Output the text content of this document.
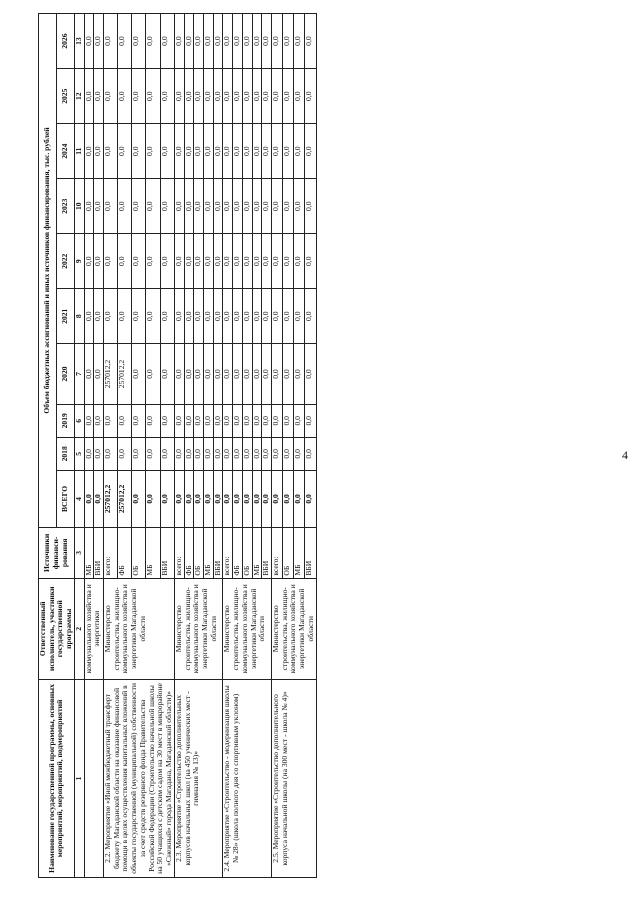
4
Наименование государственной программы, основных мероприятий, мероприятий, подмероприятий	Ответственный исполнитель, участники государственной программы	Источники финанси-рования	Объем бюджетных ассигнований и иных источников финансирования, тыс. рублей									
			ВСЕГО	2018	2019	2020	2021	2022	2023	2024	2025	2026
1	2	3	4	5	6	7	8	9	10	11	12	13
	коммунального хозяйства и энергетики	МБ	0,0	0,0	0,0	0,0	0,0	0,0	0,0	0,0	0,0	0,0
		ВБИ	0,0	0,0	0,0	0,0	0,0	0,0	0,0	0,0	0,0	0,0
2.2. Мероприятие «Иной межбюджетный трансферт бюджету Магаданской области на оказание финансовой помощи в целях осуществления капитальных вложений в объекты государственной (муниципальной) собственности за счет средств резервного фонда Правительства Российской Федерации (Строительство начальной школы на 50 учащихся с детским садом на 30 мест в микрорайоне «Снежный» города Магадана, Магаданской области)»	Министерство строительства, жилищно-коммунального хозяйства и энергетики Магаданской области	всего:	257012,2	0,0	0,0	257012,2	0,0	0,0	0,0	0,0	0,0	0,0
		ФБ	257012,2	0,0	0,0	257012,2	0,0	0,0	0,0	0,0	0,0	0,0
		ОБ	0,0	0,0	0,0	0,0	0,0	0,0	0,0	0,0	0,0	0,0
		МБ	0,0	0,0	0,0	0,0	0,0	0,0	0,0	0,0	0,0	0,0
		ВБИ	0,0	0,0	0,0	0,0	0,0	0,0	0,0	0,0	0,0	0,0
2.3. Мероприятие «Строительство дополнительных корпусов начальных школ (на 450 ученических мест - гимназия № 13)»	Министерство строительства, жилищно-коммунального хозяйства и энергетики Магаданской области	всего:	0,0	0,0	0,0	0,0	0,0	0,0	0,0	0,0	0,0	0,0
		ФБ	0,0	0,0	0,0	0,0	0,0	0,0	0,0	0,0	0,0	0,0
		ОБ	0,0	0,0	0,0	0,0	0,0	0,0	0,0	0,0	0,0	0,0
		МБ	0,0	0,0	0,0	0,0	0,0	0,0	0,0	0,0	0,0	0,0
		ВБИ	0,0	0,0	0,0	0,0	0,0	0,0	0,0	0,0	0,0	0,0
2.4. Мероприятие «Строительство - модернизация школы № 28» (школа полного дня со спортивным уклоном)	Министерство строительства, жилищно-коммунального хозяйства и энергетики Магаданской области	всего:	0,0	0,0	0,0	0,0	0,0	0,0	0,0	0,0	0,0	0,0
		ФБ	0,0	0,0	0,0	0,0	0,0	0,0	0,0	0,0	0,0	0,0
		ОБ	0,0	0,0	0,0	0,0	0,0	0,0	0,0	0,0	0,0	0,0
		МБ	0,0	0,0	0,0	0,0	0,0	0,0	0,0	0,0	0,0	0,0
		ВБИ	0,0	0,0	0,0	0,0	0,0	0,0	0,0	0,0	0,0	0,0
2.5. Мероприятие «Строительство дополнительного корпуса начальной школы (на 300 мест - школа № 4)»	Министерство строительства, жилищно-коммунального хозяйства и энергетики Магаданской области	всего:	0,0	0,0	0,0	0,0	0,0	0,0	0,0	0,0	0,0	0,0
		ОБ	0,0	0,0	0,0	0,0	0,0	0,0	0,0	0,0	0,0	0,0
		МБ	0,0	0,0	0,0	0,0	0,0	0,0	0,0	0,0	0,0	0,0
		ВБИ	0,0	0,0	0,0	0,0	0,0	0,0	0,0	0,0	0,0	0,0
